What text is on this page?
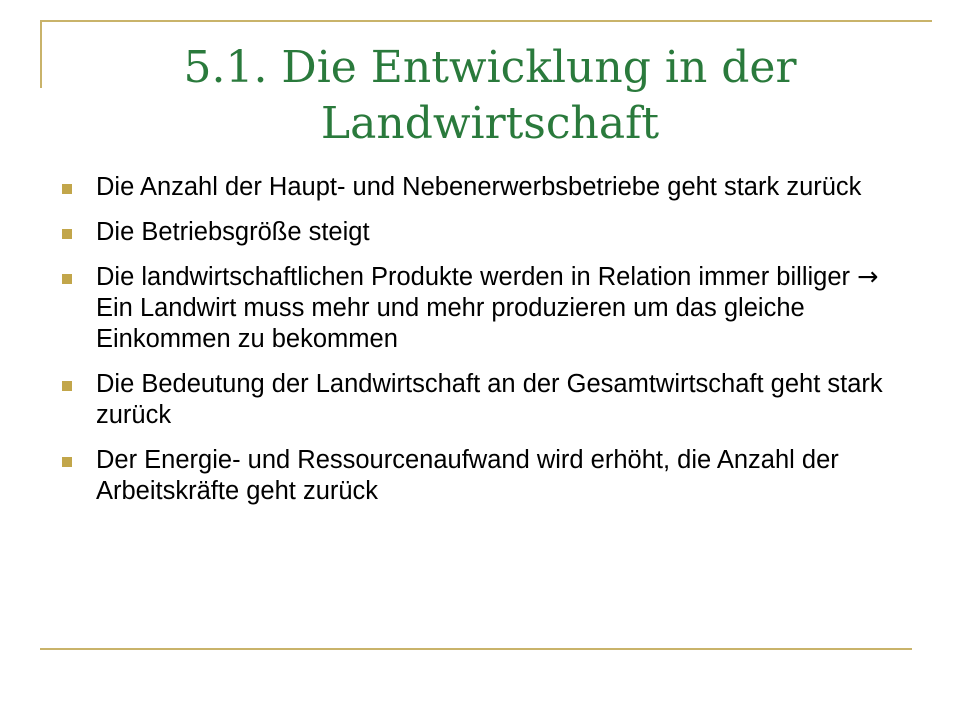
5.1. Die Entwicklung in der
Landwirtschaft
Die Anzahl der Haupt- und Nebenerwerbsbetriebe geht stark zurück
Die Betriebsgröße steigt
Die landwirtschaftlichen Produkte werden in Relation immer billiger → Ein Landwirt muss mehr und mehr produzieren um das gleiche Einkommen zu bekommen
Die Bedeutung der Landwirtschaft an der Gesamtwirtschaft geht stark zurück
Der Energie- und Ressourcenaufwand wird erhöht, die Anzahl der Arbeitskräfte geht zurück
